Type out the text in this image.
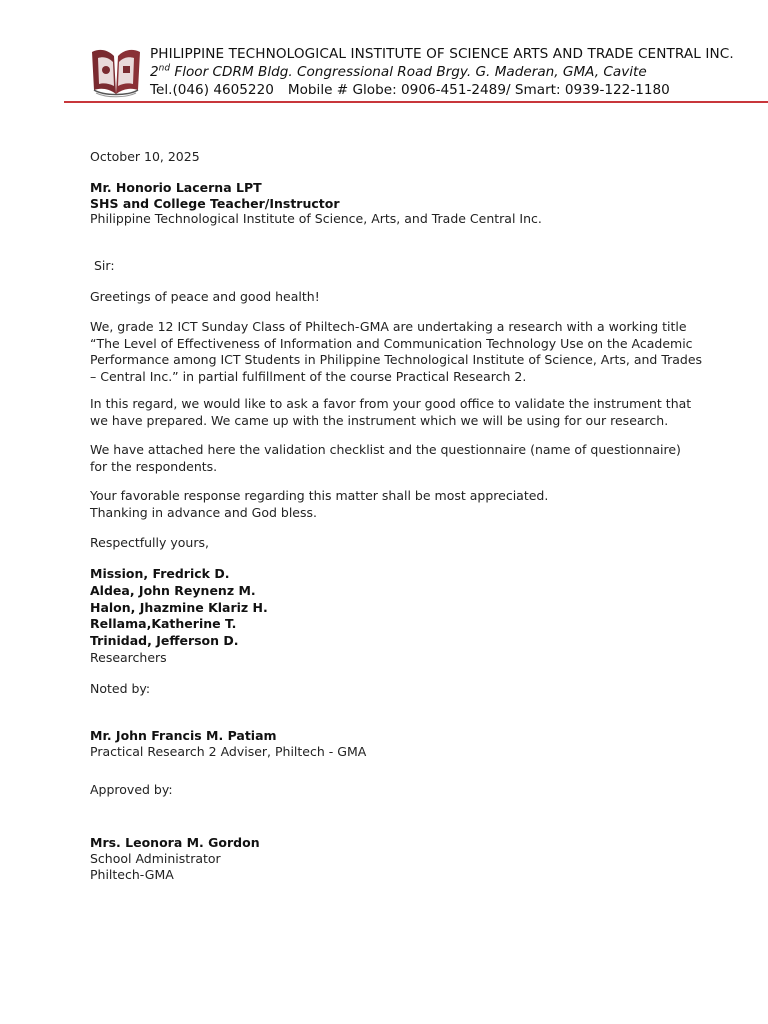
PHILIPPINE TECHNOLOGICAL INSTITUTE OF SCIENCE ARTS AND TRADE CENTRAL INC.
2nd Floor CDRM Bldg. Congressional Road Brgy. G. Maderan, GMA, Cavite
Tel.(046) 4605220 Mobile # Globe: 0906-451-2489/ Smart: 0939-122-1180
October 10, 2025
Mr. Honorio Lacerna LPT
SHS and College Teacher/Instructor
Philippine Technological Institute of Science, Arts, and Trade Central Inc.
Sir:
Greetings of peace and good health!
We, grade 12 ICT Sunday Class of Philtech-GMA are undertaking a research with a working title
“The Level of Effectiveness of Information and Communication Technology Use on the Academic
Performance among ICT Students in Philippine Technological Institute of Science, Arts, and Trades
– Central Inc.” in partial fulfillment of the course Practical Research 2.
In this regard, we would like to ask a favor from your good office to validate the instrument that
we have prepared. We came up with the instrument which we will be using for our research.
We have attached here the validation checklist and the questionnaire (name of questionnaire)
for the respondents.
Your favorable response regarding this matter shall be most appreciated.
Thanking in advance and God bless.
Respectfully yours,
Mission, Fredrick D.
Aldea, John Reynenz M.
Halon, Jhazmine Klariz H.
Rellama,Katherine T.
Trinidad, Jefferson D.
Researchers
Noted by:
Mr. John Francis M. Patiam
Practical Research 2 Adviser, Philtech - GMA
Approved by:
Mrs. Leonora M. Gordon
School Administrator
Philtech-GMA
